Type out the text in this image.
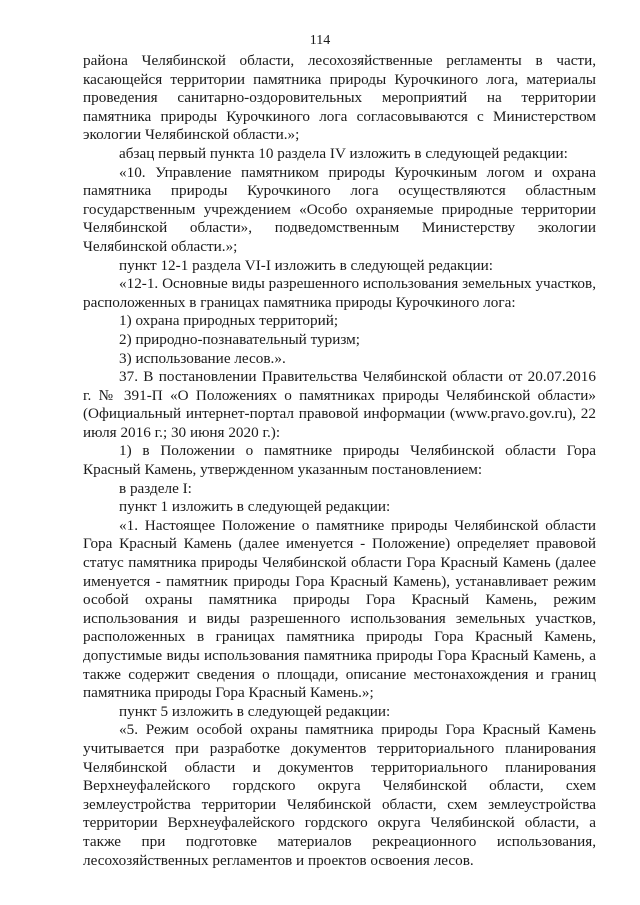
114

района Челябинской области, лесохозяйственные регламенты в части, касающейся территории памятника природы Курочкиного лога, материалы проведения санитарно-оздоровительных мероприятий на территории памятника природы Курочкиного лога согласовываются с Министерством экологии Челябинской области.»;

абзац первый пункта 10 раздела IV изложить в следующей редакции:

«10. Управление памятником природы Курочкиным логом и охрана памятника природы Курочкиного лога осуществляются областным государственным учреждением «Особо охраняемые природные территории Челябинской области», подведомственным Министерству экологии Челябинской области.»;

пункт 12-1 раздела VI-I изложить в следующей редакции:

«12-1. Основные виды разрешенного использования земельных участков, расположенных в границах памятника природы Курочкиного лога:

1) охрана природных территорий;

2) природно-познавательный туризм;

3) использование лесов.».

37. В постановлении Правительства Челябинской области от 20.07.2016 г. № 391-П «О Положениях о памятниках природы Челябинской области» (Официальный интернет-портал правовой информации (www.pravo.gov.ru), 22 июля 2016 г.; 30 июня 2020 г.):

1) в Положении о памятнике природы Челябинской области Гора Красный Камень, утвержденном указанным постановлением:

в разделе I:

пункт 1 изложить в следующей редакции:

«1. Настоящее Положение о памятнике природы Челябинской области Гора Красный Камень (далее именуется - Положение) определяет правовой статус памятника природы Челябинской области Гора Красный Камень (далее именуется - памятник природы Гора Красный Камень), устанавливает режим особой охраны памятника природы Гора Красный Камень, режим использования и виды разрешенного использования земельных участков, расположенных в границах памятника природы Гора Красный Камень, допустимые виды использования памятника природы Гора Красный Камень, а также содержит сведения о площади, описание местонахождения и границ памятника природы Гора Красный Камень.»;

пункт 5 изложить в следующей редакции:

«5. Режим особой охраны памятника природы Гора Красный Камень учитывается при разработке документов территориального планирования Челябинской области и документов территориального планирования Верхнеуфалейского гордского округа Челябинской области, схем землеустройства территории Челябинской области, схем землеустройства территории Верхнеуфалейского гордского округа Челябинской области, а также при подготовке материалов рекреационного использования, лесохозяйственных регламентов и проектов освоения лесов.
